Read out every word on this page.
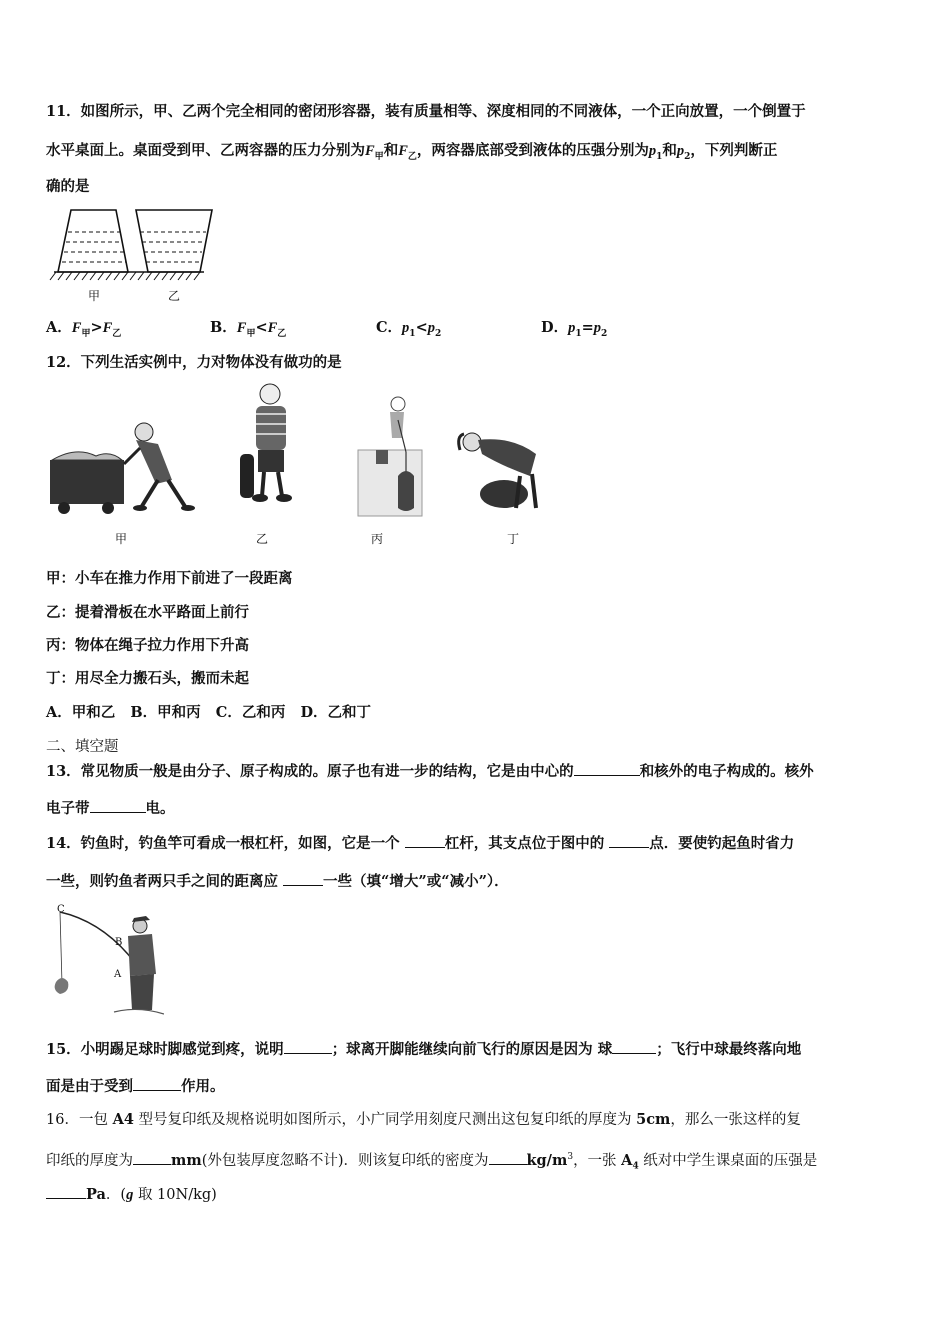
11．如图所示，甲、乙两个完全相同的密闭形容器，装有质量相等、深度相同的不同液体，一个正向放置，一个倒置于
水平桌面上。桌面受到甲、乙两容器的压力分别为$F_甲$和$F_乙$，两容器底部受到液体的压强分别为$p_1$和$p_2$，下列判断正
确的是
甲	乙
A．$F_甲>F_乙$	B．$F_甲<F_乙$	C．$p_1<p_2$	D．$p_1=p_2$
12．下列生活实例中，力对物体没有做功的是
甲	乙	丙	丁
甲：小车在推力作用下前进了一段距离
乙：提着滑板在水平路面上前行
丙：物体在绳子拉力作用下升高
丁：用尽全力搬石头，搬而未起
A．甲和乙   B．甲和丙   C．乙和丙   D．乙和丁
二、填空题
13．常见物质一般是由分子、原子构成的。原子也有进一步的结构，它是由中心的	和核外的电子构成的。核外
电子带	电。
14．钓鱼时，钓鱼竿可看成一根杠杆，如图，它是一个	杠杆，其支点位于图中的	点．要使钓起鱼时省力
一些，则钓鱼者两只手之间的距离应	一些（填“增大”或“减小”）．
C
B
A
15．小明踢足球时脚感觉到疼，说明	；球离开脚能继续向前飞行的原因是因为 球	；飞行中球最终落向地
面是由于受到	作用。
16．一包 A4 型号复印纸及规格说明如图所示，小广同学用刻度尺测出这包复印纸的厚度为 5cm，那么一张这样的复
印纸的厚度为	mm(外包装厚度忽略不计)．则该复印纸的密度为	$kg/m^3$，一张 $A_4$ 纸对中学生课桌面的压强是
Pa．(g 取 10N/kg)
